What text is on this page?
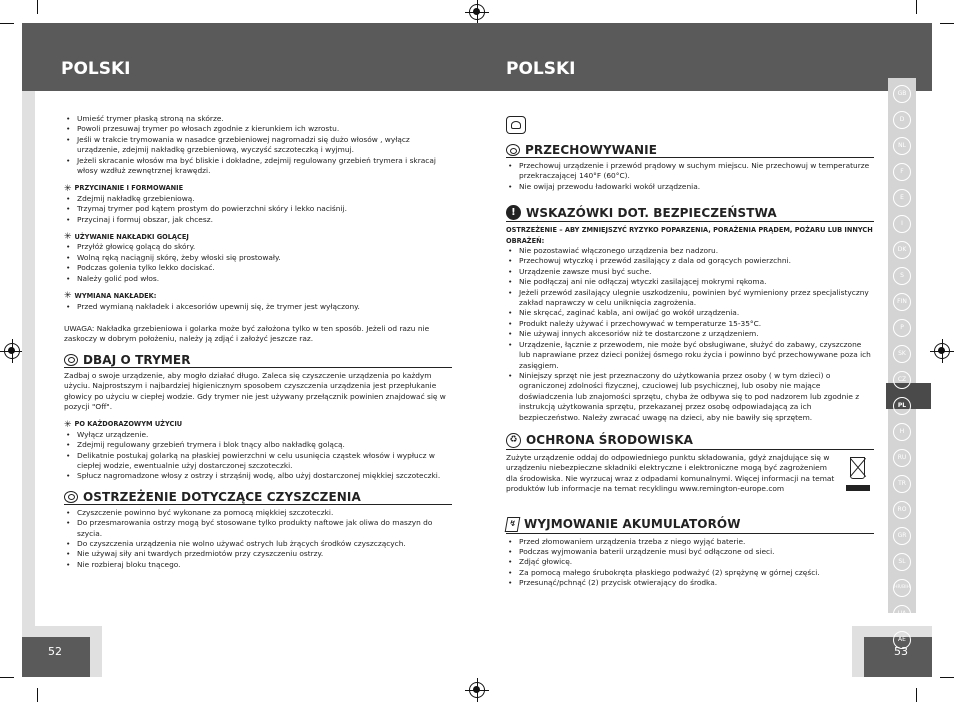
POLSKI	POLSKI
52	53
GB
D
NL
F
E
I
DK
S
FIN
P
SK
CZ
PL
H
RU
TR
RO
GR
SL
HR/BIH
UA
AE
• Umieść trymer płaską stroną na skórze.
• Powoli przesuwaj trymer po włosach zgodnie z kierunkiem ich wzrostu.
• Jeśli w trakcie trymowania w nasadce grzebieniowej nagromadzi się dużo włosów , wyłącz urządzenie, zdejmij nakładkę grzebieniową, wyczyść szczoteczką i wyjmuj.
• Jeżeli skracanie włosów ma być bliskie i dokładne, zdejmij regulowany grzebień trymera i skracaj włosy wzdłuż zewnętrznej krawędzi.
✳ PRZYCINANIE I FORMOWANIE
• Zdejmij nakładkę grzebieniową.
• Trzymaj trymer pod kątem prostym do powierzchni skóry i lekko naciśnij.
• Przycinaj i formuj obszar, jak chcesz.
✳ UŻYWANIE NAKŁADKI GOLĄCEJ
• Przyłóż głowicę golącą do skóry.
• Wolną ręką naciągnij skórę, żeby włoski się prostowały.
• Podczas golenia tylko lekko dociskać.
• Należy golić pod włos.
✳ WYMIANA NAKŁADEK:
• Przed wymianą nakładek i akcesoriów upewnij się, że trymer jest wyłączony.

UWAGA: Nakładka grzebieniowa i golarka może być założona tylko w ten sposób. Jeżeli od razu nie zaskoczy w dobrym położeniu, należy ją zdjąć i założyć jeszcze raz.

DBAJ O TRYMER

Zadbaj o swoje urządzenie, aby mogło działać długo. Zaleca się czyszczenie urządzenia po każdym użyciu. Najprostszym i najbardziej higienicznym sposobem czyszczenia urządzenia jest przepłukanie głowicy po użyciu w ciepłej wodzie. Gdy trymer nie jest używany przełącznik powinien znajdować się w pozycji "Off".

✳ PO KAŻDORAZOWYM UŻYCIU
• Wyłącz urządzenie.
• Zdejmij regulowany grzebień trymera i blok tnący albo nakładkę golącą.
• Delikatnie postukaj golarką na płaskiej powierzchni w celu usunięcia cząstek włosów i wypłucz w ciepłej wodzie, ewentualnie użyj dostarczonej szczoteczki.
• Spłucz nagromadzone włosy z ostrzy i strząśnij wodę, albo użyj dostarczonej miękkiej szczoteczki.
OSTRZEŻENIE DOTYCZĄCE CZYSZCZENIA
• Czyszczenie powinno być wykonane za pomocą miękkiej szczoteczki.
• Do przesmarowania ostrzy mogą być stosowane tylko produkty naftowe jak oliwa do maszyn do szycia.
• Do czyszczenia urządzenia nie wolno używać ostrych lub żrących środków czyszczących.
• Nie używaj siły ani twardych przedmiotów przy czyszczeniu ostrzy.
• Nie rozbieraj bloku tnącego.
PRZECHOWYWANIE
• Przechowuj urządzenie i przewód prądowy w suchym miejscu. Nie przechowuj w temperaturze przekraczającej 140°F (60°C).
• Nie owijaj przewodu ładowarki wokół urządzenia.
! WSKAZÓWKI DOT. BEZPIECZEŃSTWA

OSTRZEŻENIE – ABY ZMNIEJSZYĆ RYZYKO POPARZENIA, PORAŻENIA PRĄDEM, POŻARU LUB INNYCH OBRAŻEŃ:

• Nie pozostawiać włączonego urządzenia bez nadzoru.
• Przechowuj wtyczkę i przewód zasilający z dala od gorących powierzchni.
• Urządzenie zawsze musi być suche.
• Nie podłączaj ani nie odłączaj wtyczki zasilającej mokrymi rękoma.
• Jeżeli przewód zasilający ulegnie uszkodzeniu, powinien być wymieniony przez specjalistyczny zakład naprawczy w celu uniknięcia zagrożenia.
• Nie skręcać, zaginać kabla, ani owijać go wokół urządzenia.
• Produkt należy używać i przechowywać w temperaturze 15-35°C.
• Nie używaj innych akcesoriów niż te dostarczone z urządzeniem.
• Urządzenie, łącznie z przewodem, nie może być obsługiwane, służyć do zabawy, czyszczone lub naprawiane przez dzieci poniżej ósmego roku życia i powinno być przechowywane poza ich zasięgiem.
• Niniejszy sprzęt nie jest przeznaczony do użytkowania przez osoby ( w tym dzieci) o ograniczonej zdolności fizycznej, czuciowej lub psychicznej, lub osoby nie mające doświadczenia lub znajomości sprzętu, chyba że odbywa się to pod nadzorem lub zgodnie z instrukcją użytkowania sprzętu, przekazanej przez osobę odpowiadającą za ich bezpieczeństwo. Należy zwracać uwagę na dzieci, aby nie bawiły się sprzętem.
♻ OCHRONA ŚRODOWISKA

Zużyte urządzenie oddaj do odpowiedniego punktu składowania, gdyż znajdujące się w urządzeniu niebezpieczne składniki elektryczne i elektroniczne mogą być zagrożeniem dla środowiska. Nie wyrzucaj wraz z odpadami komunalnymi. Więcej informacji na temat produktów lub informacje na temat recyklingu www.remington-europe.com

↯ WYJMOWANIE AKUMULATORÓW
• Przed złomowaniem urządzenia trzeba z niego wyjąć baterie.
• Podczas wyjmowania baterii urządzenie musi być odłączone od sieci.
• Zdjąć głowicę.
• Za pomocą małego śrubokręta płaskiego podważyć (2) sprężynę w górnej części.
• Przesunąć/pchnąć (2) przycisk otwierający do środka.
